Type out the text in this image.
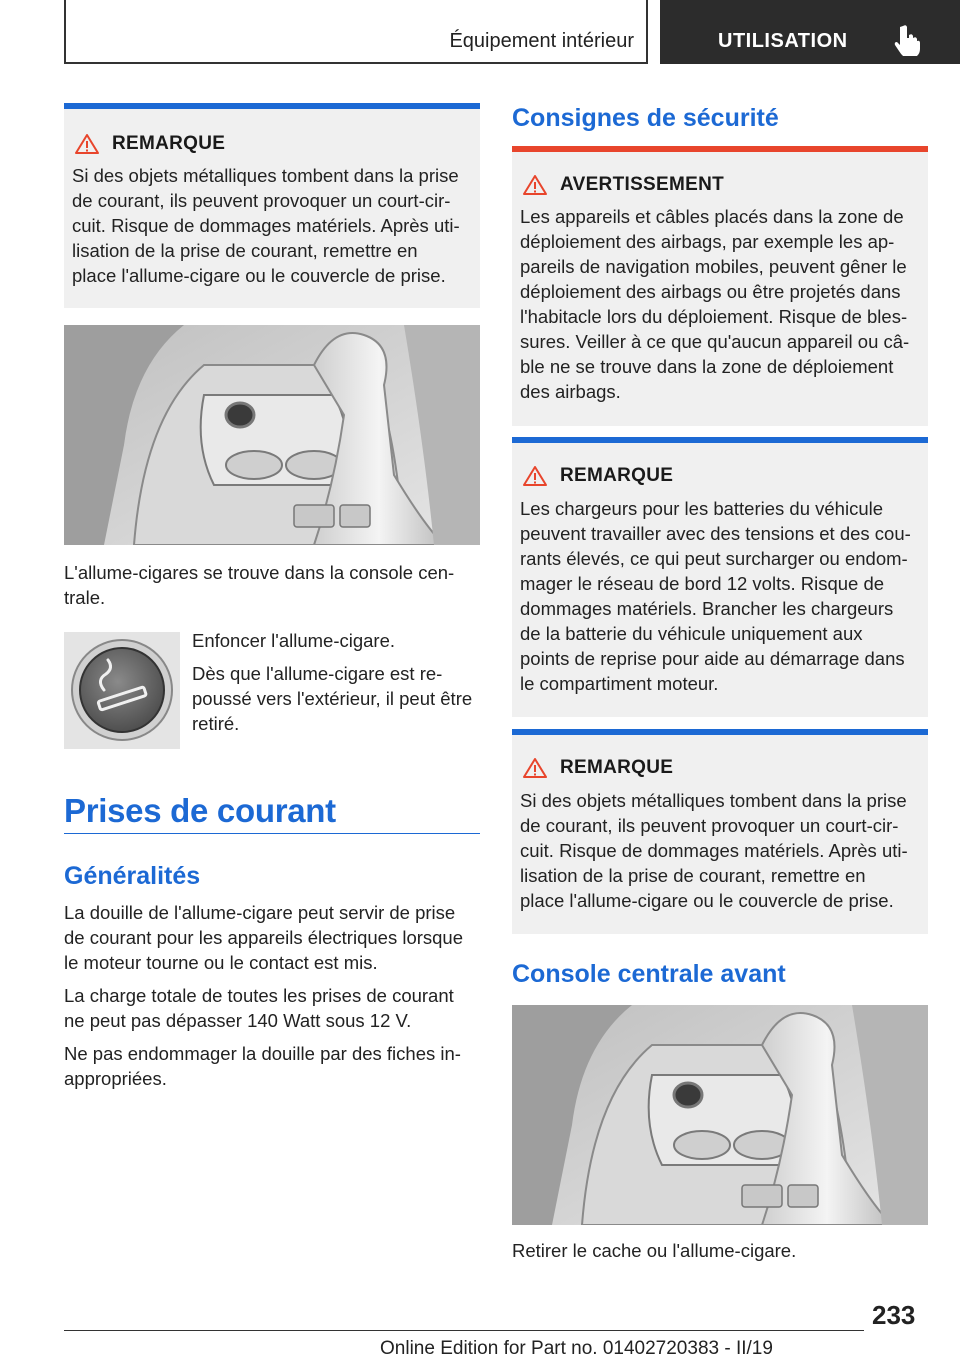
Équipement intérieur	UTILISATION
REMARQUE

Si des objets métalliques tombent dans la prise

de courant, ils peuvent provoquer un court-cir‐

cuit. Risque de dommages matériels. Après uti‐

lisation de la prise de courant, remettre en

place l'allume-cigare ou le couvercle de prise.

L'allume-cigares se trouve dans la console cen‐

trale.

Enfoncer l'allume-cigare.

Dès que l'allume-cigare est re‐

poussé vers l'extérieur, il peut être

retiré.

Prises de courant
Généralités

La douille de l'allume-cigare peut servir de prise

de courant pour les appareils électriques lorsque

le moteur tourne ou le contact est mis.

La charge totale de toutes les prises de courant

ne peut pas dépasser 140 Watt sous 12 V.

Ne pas endommager la douille par des fiches in‐

appropriées.

Consignes de sécurité
AVERTISSEMENT

Les appareils et câbles placés dans la zone de

déploiement des airbags, par exemple les ap‐

pareils de navigation mobiles, peuvent gêner le

déploiement des airbags ou être projetés dans

l'habitacle lors du déploiement. Risque de bles‐

sures. Veiller à ce que qu'aucun appareil ou câ‐

ble ne se trouve dans la zone de déploiement

des airbags.

REMARQUE

Les chargeurs pour les batteries du véhicule

peuvent travailler avec des tensions et des cou‐

rants élevés, ce qui peut surcharger ou endom‐

mager le réseau de bord 12 volts. Risque de

dommages matériels. Brancher les chargeurs

de la batterie du véhicule uniquement aux

points de reprise pour aide au démarrage dans

le compartiment moteur.

REMARQUE

Si des objets métalliques tombent dans la prise

de courant, ils peuvent provoquer un court-cir‐

cuit. Risque de dommages matériels. Après uti‐

lisation de la prise de courant, remettre en

place l'allume-cigare ou le couvercle de prise.

Console centrale avant

Retirer le cache ou l'allume-cigare.

233
Online Edition for Part no. 01402720383 - II/19
